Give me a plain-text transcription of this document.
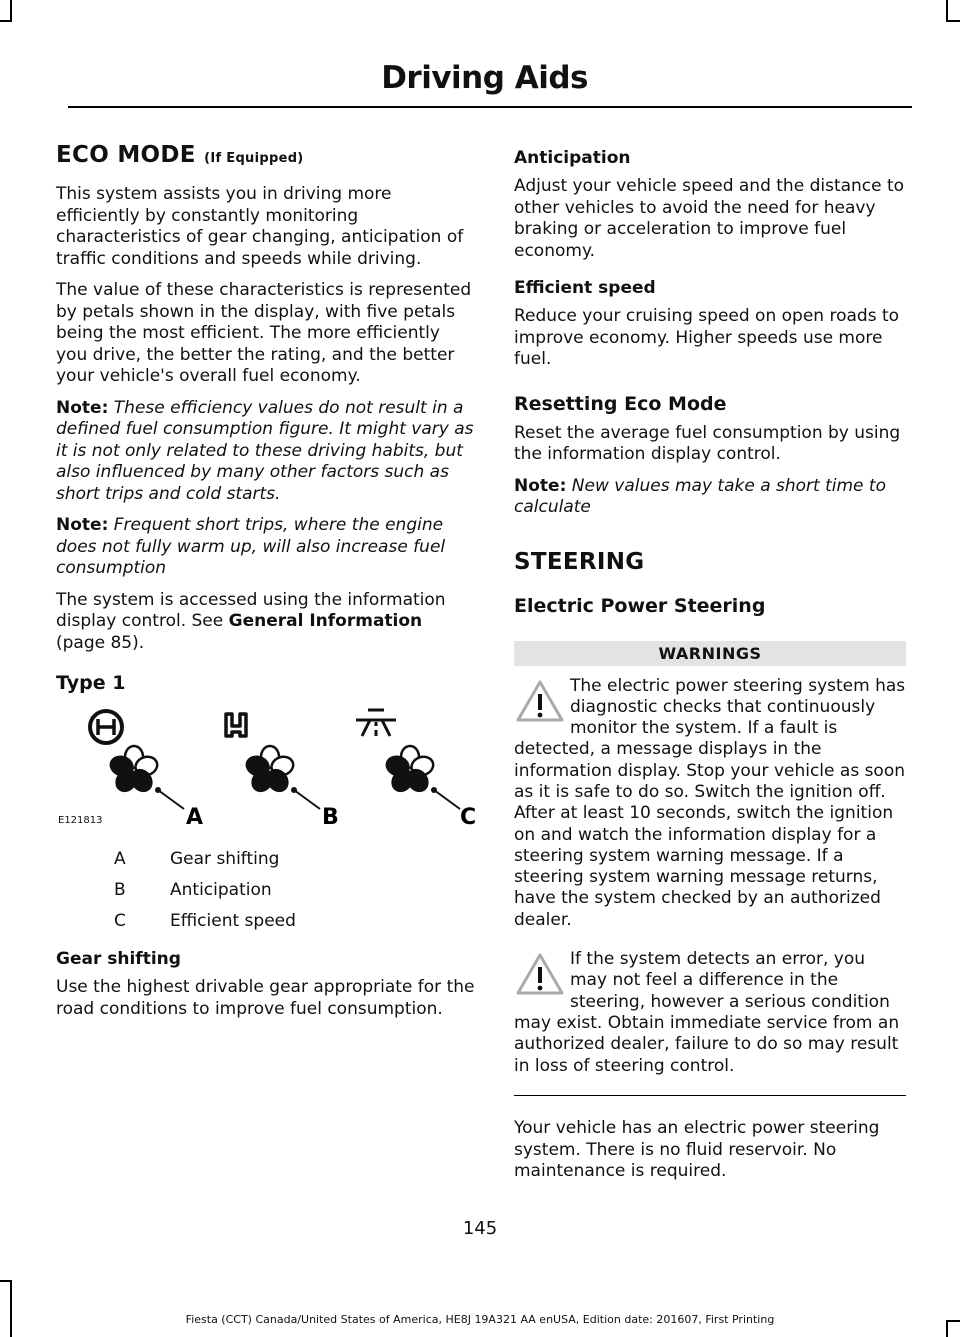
Driving Aids
ECO MODE (If Equipped)

This system assists you in driving more efficiently by constantly monitoring characteristics of gear changing, anticipation of traffic conditions and speeds while driving.

The value of these characteristics is represented by petals shown in the display, with five petals being the most efficient. The more efficiently you drive, the better the rating, and the better your vehicle's overall fuel economy.

Note: These efficiency values do not result in a defined fuel consumption figure. It might vary as it is not only related to these driving habits, but also influenced by many other factors such as short trips and cold starts.

Note: Frequent short trips, where the engine does not fully warm up, will also increase fuel consumption

The system is accessed using the information display control. See General Information (page 85).

Type 1
A	B	C
E121813
A	Gear shifting
B	Anticipation
C	Efficient speed
Gear shifting

Use the highest drivable gear appropriate for the road conditions to improve fuel consumption.

Anticipation

Adjust your vehicle speed and the distance to other vehicles to avoid the need for heavy braking or acceleration to improve fuel economy.

Efficient speed

Reduce your cruising speed on open roads to improve economy. Higher speeds use more fuel.

Resetting Eco Mode

Reset the average fuel consumption by using the information display control.

Note: New values may take a short time to calculate

STEERING
Electric Power Steering
WARNINGS
The electric power steering system has diagnostic checks that continuously monitor the system. If a fault is detected, a message displays in the information display. Stop your vehicle as soon as it is safe to do so. Switch the ignition off. After at least 10 seconds, switch the ignition on and watch the information display for a steering system warning message. If a steering system warning message returns, have the system checked by an authorized dealer.
If the system detects an error, you may not feel a difference in the steering, however a serious condition may exist. Obtain immediate service from an authorized dealer, failure to do so may result in loss of steering control.

Your vehicle has an electric power steering system. There is no fluid reservoir. No maintenance is required.

145
Fiesta (CCT) Canada/United States of America, HE8J 19A321 AA enUSA, Edition date: 201607, First Printing
